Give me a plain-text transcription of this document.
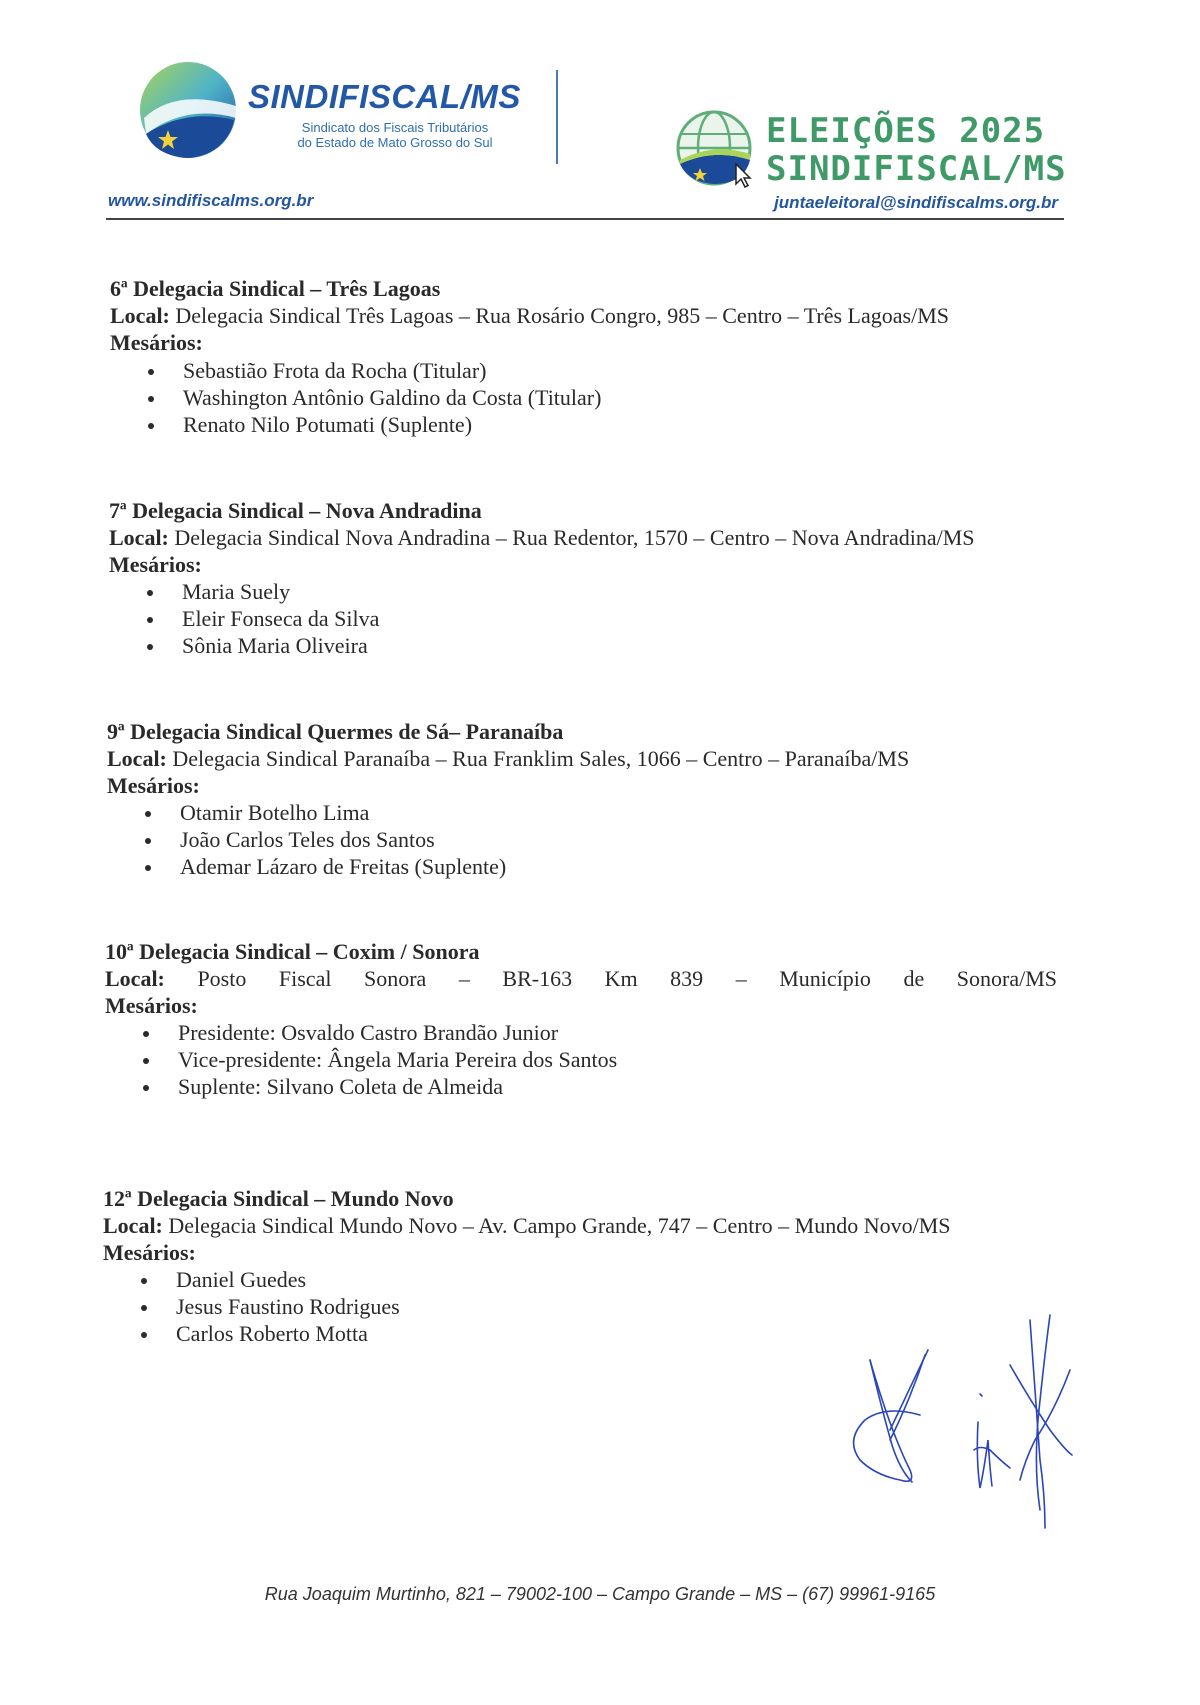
SINDIFISCAL/MS
Sindicato dos Fiscais Tributários
do Estado de Mato Grosso do Sul
www.sindifiscalms.org.br
ELEIÇÕES 2025
SINDIFISCAL/MS
juntaeleitoral@sindifiscalms.org.br
6ª Delegacia Sindical – Três Lagoas
Local: Delegacia Sindical Três Lagoas – Rua Rosário Congro, 985 – Centro – Três Lagoas/MS
Mesários:
Sebastião Frota da Rocha (Titular)
Washington Antônio Galdino da Costa (Titular)
Renato Nilo Potumati (Suplente)
7ª Delegacia Sindical – Nova Andradina
Local: Delegacia Sindical Nova Andradina – Rua Redentor, 1570 – Centro – Nova Andradina/MS
Mesários:
Maria Suely
Eleir Fonseca da Silva
Sônia Maria Oliveira
9ª Delegacia Sindical Quermes de Sá– Paranaíba
Local: Delegacia Sindical Paranaíba – Rua Franklim Sales, 1066 – Centro – Paranaíba/MS
Mesários:
Otamir Botelho Lima
João Carlos Teles dos Santos
Ademar Lázaro de Freitas (Suplente)
10ª Delegacia Sindical – Coxim / Sonora
Local: Posto Fiscal Sonora – BR-163 Km 839 – Município de Sonora/MS
Mesários:
Presidente: Osvaldo Castro Brandão Junior
Vice-presidente: Ângela Maria Pereira dos Santos
Suplente: Silvano Coleta de Almeida
12ª Delegacia Sindical – Mundo Novo
Local: Delegacia Sindical Mundo Novo – Av. Campo Grande, 747 – Centro – Mundo Novo/MS
Mesários:
Daniel Guedes
Jesus Faustino Rodrigues
Carlos Roberto Motta
Rua Joaquim Murtinho, 821 – 79002-100 – Campo Grande – MS – (67) 99961-9165
